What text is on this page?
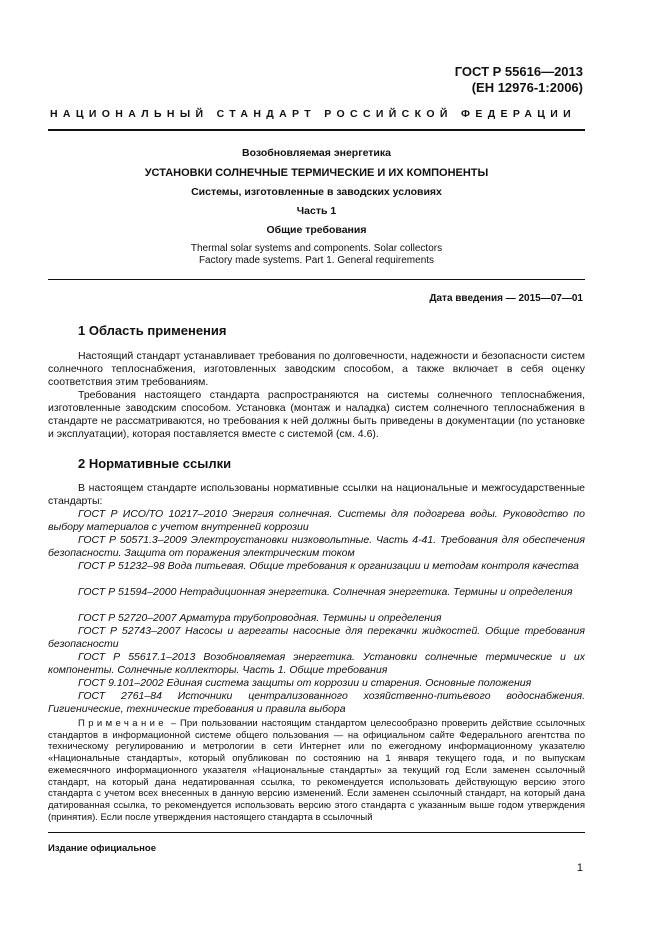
ГОСТ Р 55616—2013
(ЕН 12976-1:2006)
НАЦИОНАЛЬНЫЙ СТАНДАРТ РОССИЙСКОЙ ФЕДЕРАЦИИ
Возобновляемая энергетика
УСТАНОВКИ СОЛНЕЧНЫЕ ТЕРМИЧЕСКИЕ И ИХ КОМПОНЕНТЫ
Системы, изготовленные в заводских условиях
Часть 1
Общие требования
Thermal solar systems and components. Solar collectors
Factory made systems. Part 1. General requirements
Дата введения — 2015—07—01
1 Область применения
Настоящий стандарт устанавливает требования по долговечности, надежности и безопасности систем солнечного теплоснабжения, изготовленных заводским способом, а также включает в себя оценку соответствия этим требованиям.
Требования настоящего стандарта распространяются на системы солнечного теплоснабжения, изготовленные заводским способом. Установка (монтаж и наладка) систем солнечного теплоснабжения в стандарте не рассматриваются, но требования к ней должны быть приведены в документации (по установке и эксплуатации), которая поставляется вместе с системой (см. 4.6).
2 Нормативные ссылки
В настоящем стандарте использованы нормативные ссылки на национальные и межгосударственные стандарты:
ГОСТ Р ИСО/ТО 10217–2010 Энергия солнечная. Системы для подогрева воды. Руководство по выбору материалов с учетом внутренней коррозии
ГОСТ Р 50571.3–2009 Электроустановки низковольтные. Часть 4-41. Требования для обеспечения безопасности. Защита от поражения электрическим током
ГОСТ Р 51232–98 Вода питьевая. Общие требования к организации и методам контроля качества
ГОСТ Р 51594–2000 Нетрадиционная энергетика. Солнечная энергетика. Термины и определения
ГОСТ Р 52720–2007 Арматура трубопроводная. Термины и определения
ГОСТ Р 52743–2007 Насосы и агрегаты насосные для перекачки жидкостей. Общие требования безопасности
ГОСТ Р 55617.1–2013 Возобновляемая энергетика. Установки солнечные термические и их компоненты. Солнечные коллекторы. Часть 1. Общие требования
ГОСТ 9.101–2002 Единая система защиты от коррозии и старения. Основные положения
ГОСТ 2761–84 Источники централизованного хозяйственно-питьевого водоснабжения. Гигиенические, технические требования и правила выбора
Примечание – При пользовании настоящим стандартом целесообразно проверить действие ссылочных стандартов в информационной системе общего пользования — на официальном сайте Федерального агентства по техническому регулированию и метрологии в сети Интернет или по ежегодному информационному указателю «Национальные стандарты», который опубликован по состоянию на 1 января текущего года, и по выпускам ежемесячного информационного указателя «Национальные стандарты» за текущий год Если заменен ссылочный стандарт, на который дана недатированная ссылка, то рекомендуется использовать действующую версию этого стандарта с учетом всех внесенных в данную версию изменений. Если заменен ссылочный стандарт, на который дана датированная ссылка, то рекомендуется использовать версию этого стандарта с указанным выше годом утверждения (принятия). Если после утверждения настоящего стандарта в ссылочный
Издание официальное
1
